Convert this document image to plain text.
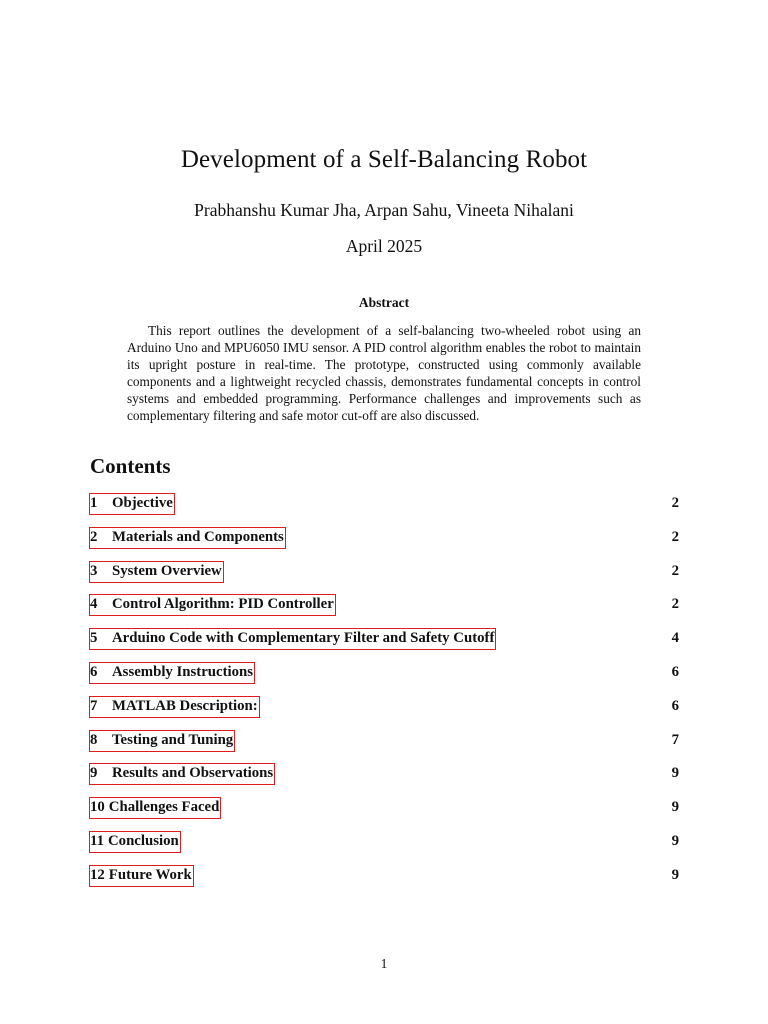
Development of a Self-Balancing Robot
Prabhanshu Kumar Jha, Arpan Sahu, Vineeta Nihalani
April 2025
Abstract

This report outlines the development of a self-balancing two-wheeled robot using an Arduino Uno and MPU6050 IMU sensor. A PID control algorithm enables the robot to maintain its upright posture in real-time. The prototype, constructed using commonly available components and a lightweight recycled chassis, demonstrates fundamental concepts in control systems and embedded programming. Performance challenges and improvements such as complementary filtering and safe motor cut-off are also discussed.

Contents
1 Objective	2
2 Materials and Components	2
3 System Overview	2
4 Control Algorithm: PID Controller	2
5 Arduino Code with Complementary Filter and Safety Cutoff	4
6 Assembly Instructions	6
7 MATLAB Description:	6
8 Testing and Tuning	7
9 Results and Observations	9
10 Challenges Faced	9
11 Conclusion	9
12 Future Work	9
1
